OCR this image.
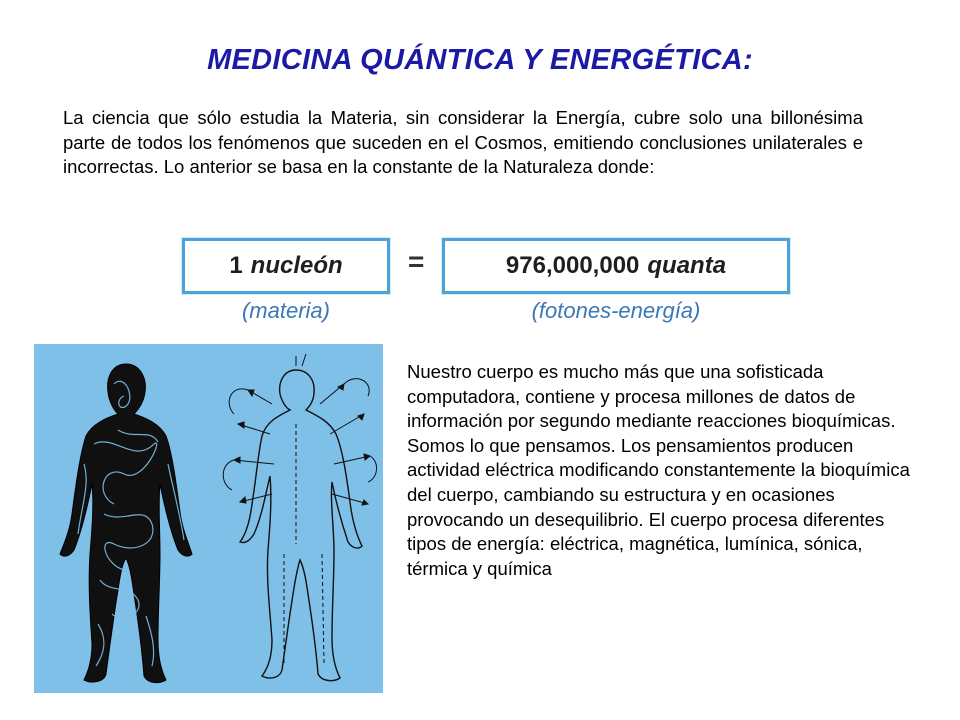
MEDICINA QUÁNTICA Y ENERGÉTICA:

La ciencia que sólo estudia la Materia, sin considerar la Energía, cubre solo una billonésima parte de todos los fenómenos que suceden en el Cosmos, emitiendo conclusiones unilaterales e incorrectas. Lo anterior se basa en la constante de la Naturaleza donde:

1 nucleón =	976,000,000 quanta
(materia)	(fotones-energía)

Nuestro cuerpo es mucho más que una sofisticada computadora, contiene y procesa millones de datos de información por segundo mediante reacciones bioquímicas. Somos lo que pensamos. Los pensamientos producen actividad eléctrica modificando constantemente la bioquímica del cuerpo, cambiando su estructura y en ocasiones provocando un desequilibrio. El cuerpo procesa diferentes tipos de energía: eléctrica, magnética, lumínica, sónica, térmica y química
